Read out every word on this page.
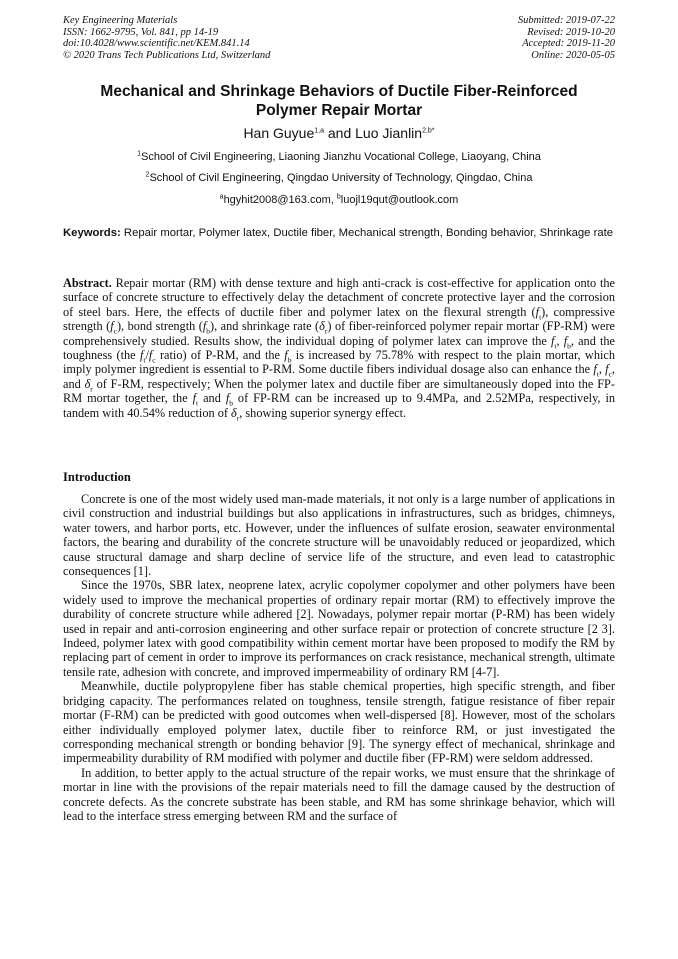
Key Engineering Materials
ISSN: 1662-9795, Vol. 841, pp 14-19
doi:10.4028/www.scientific.net/KEM.841.14
© 2020 Trans Tech Publications Ltd, Switzerland
Submitted: 2019-07-22
Revised: 2019-10-20
Accepted: 2019-11-20
Online: 2020-05-05
Mechanical and Shrinkage Behaviors of Ductile Fiber-Reinforced
Polymer Repair Mortar
Han Guyue$^{1,a}$ and Luo Jianlin$^{2,b*}$
$^1$School of Civil Engineering, Liaoning Jianzhu Vocational College, Liaoyang, China
$^2$School of Civil Engineering, Qingdao University of Technology, Qingdao, China
$^a$hgyhit2008@163.com, $^b$luojl19qut@outlook.com
Keywords: Repair mortar, Polymer latex, Ductile fiber, Mechanical strength, Bonding behavior, Shrinkage rate
Abstract. Repair mortar (RM) with dense texture and high anti-crack is cost-effective for application onto the surface of concrete structure to effectively delay the detachment of concrete protective layer and the corrosion of steel bars. Here, the effects of ductile fiber and polymer latex on the flexural strength $(f_t)$, compressive strength $(f_c)$, bond strength $(f_b)$, and shrinkage rate $(\delta_r)$ of fiber-reinforced polymer repair mortar (FP-RM) were comprehensively studied. Results show, the individual doping of polymer latex can improve the $f_t$, $f_b$, and the toughness (the $f_t/f_c$ ratio) of P-RM, and the $f_b$ is increased by 75.78% with respect to the plain mortar, which imply polymer ingredient is essential to P-RM. Some ductile fibers individual dosage also can enhance the $f_t$, $f_c$, and $\delta_r$ of F-RM, respectively; When the polymer latex and ductile fiber are simultaneously doped into the FP-RM mortar together, the $f_t$ and $f_b$ of FP-RM can be increased up to 9.4MPa, and 2.52MPa, respectively, in tandem with 40.54% reduction of $\delta_r$, showing superior synergy effect.
Introduction

Concrete is one of the most widely used man-made materials, it not only is a large number of applications in civil construction and industrial buildings but also applications in infrastructures, such as bridges, chimneys, water towers, and harbor ports, etc. However, under the influences of sulfate erosion, seawater environmental factors, the bearing and durability of the concrete structure will be unavoidably reduced or jeopardized, which cause structural damage and sharp decline of service life of the structure, and even lead to catastrophic consequences [1].

Since the 1970s, SBR latex, neoprene latex, acrylic copolymer copolymer and other polymers have been widely used to improve the mechanical properties of ordinary repair mortar (RM) to effectively improve the durability of concrete structure while adhered [2]. Nowadays, polymer repair mortar (P-RM) has been widely used in repair and anti-corrosion engineering and other surface repair or protection of concrete structure [2 3]. Indeed, polymer latex with good compatibility within cement mortar have been proposed to modify the RM by replacing part of cement in order to improve its performances on crack resistance, mechanical strength, ultimate tensile rate, adhesion with concrete, and improved impermeability of ordinary RM [4-7].

Meanwhile, ductile polypropylene fiber has stable chemical properties, high specific strength, and fiber bridging capacity. The performances related on toughness, tensile strength, fatigue resistance of fiber repair mortar (F-RM) can be predicted with good outcomes when well-dispersed [8]. However, most of the scholars either individually employed polymer latex, ductile fiber to reinforce RM, or just investigated the corresponding mechanical strength or bonding behavior [9]. The synergy effect of mechanical, shrinkage and impermeability durability of RM modified with polymer and ductile fiber (FP-RM) were seldom addressed.

In addition, to better apply to the actual structure of the repair works, we must ensure that the shrinkage of mortar in line with the provisions of the repair materials need to fill the damage caused by the destruction of concrete defects. As the concrete substrate has been stable, and RM has some shrinkage behavior, which will lead to the interface stress emerging between RM and the surface of
